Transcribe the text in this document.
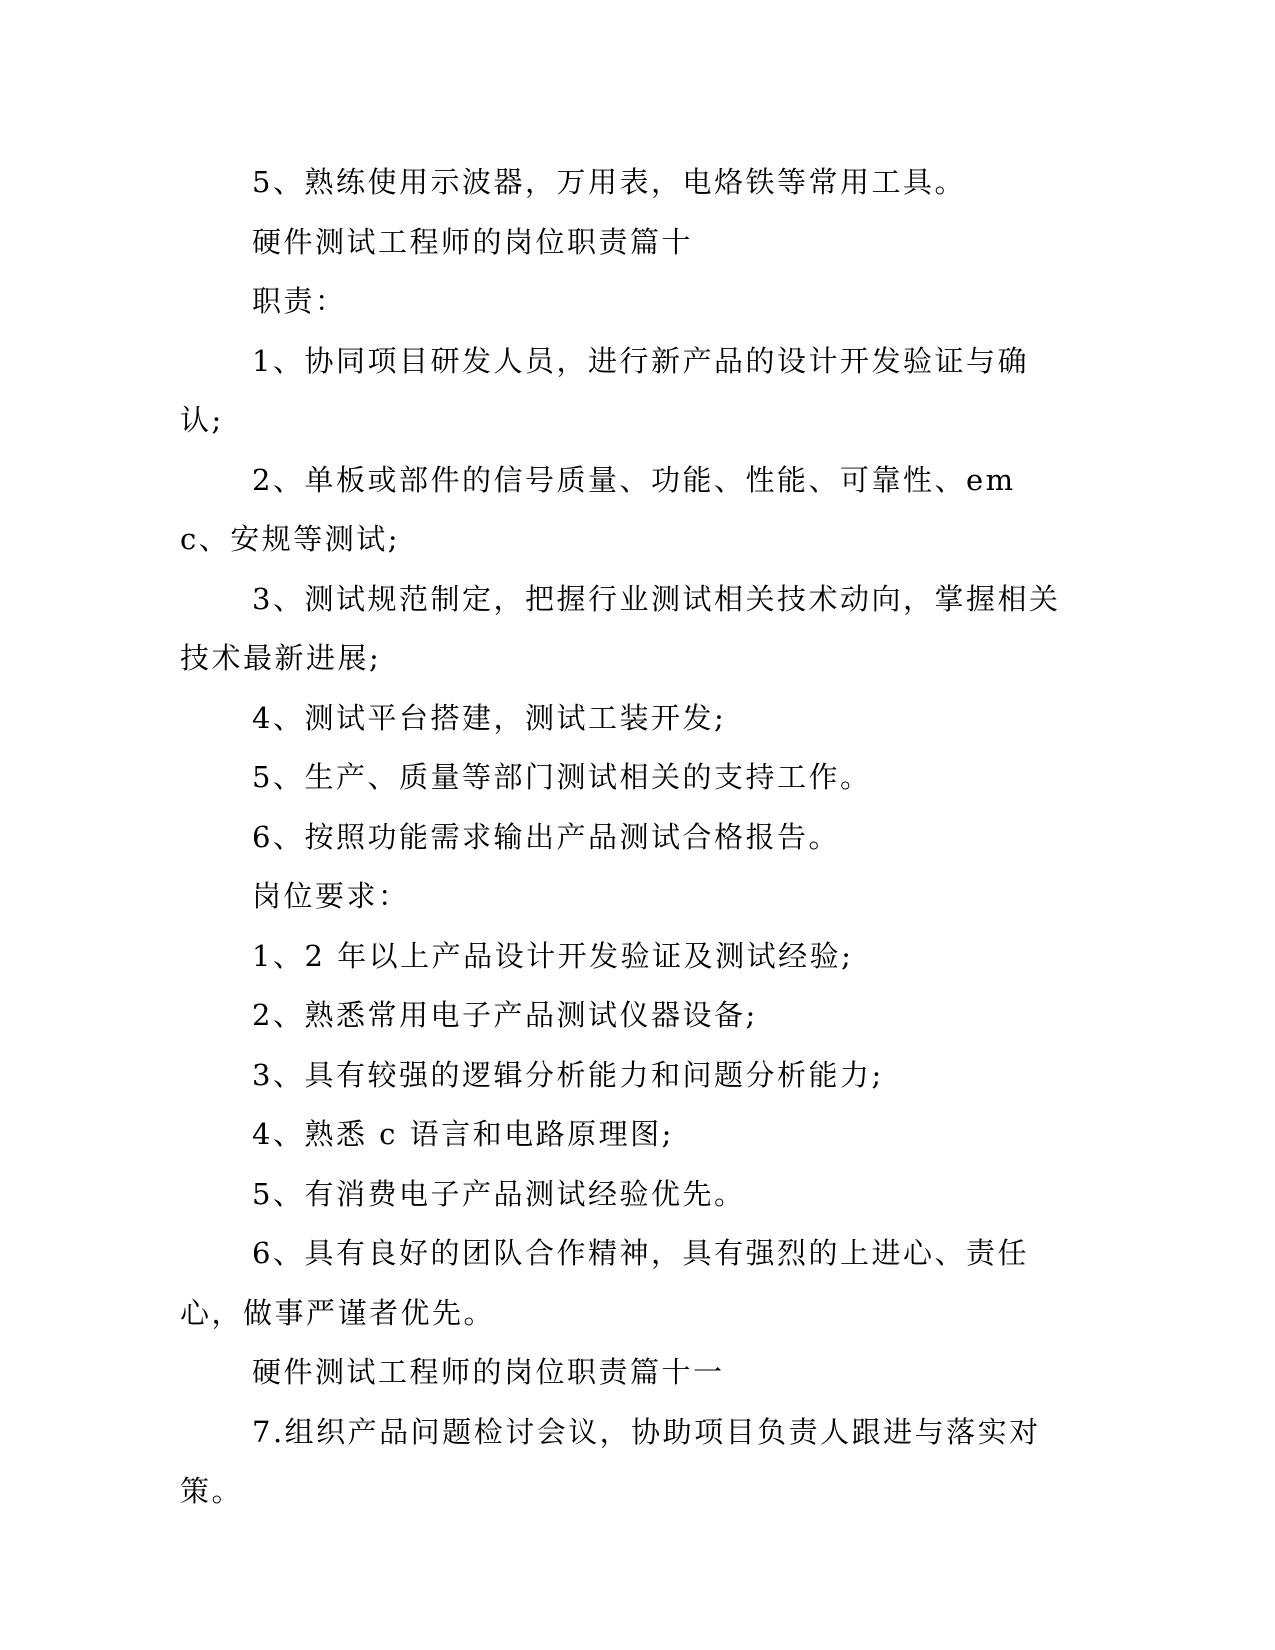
5、熟练使用示波器，万用表，电烙铁等常用工具。

硬件测试工程师的岗位职责篇十

职责：

1、协同项目研发人员，进行新产品的设计开发验证与确认;

2、单板或部件的信号质量、功能、性能、可靠性、emc、安规等测试;

3、测试规范制定，把握行业测试相关技术动向，掌握相关技术最新进展;

4、测试平台搭建，测试工装开发;

5、生产、质量等部门测试相关的支持工作。

6、按照功能需求输出产品测试合格报告。

岗位要求：

1、2 年以上产品设计开发验证及测试经验;

2、熟悉常用电子产品测试仪器设备;

3、具有较强的逻辑分析能力和问题分析能力;

4、熟悉 c 语言和电路原理图;

5、有消费电子产品测试经验优先。

6、具有良好的团队合作精神，具有强烈的上进心、责任心，做事严谨者优先。

硬件测试工程师的岗位职责篇十一

7.组织产品问题检讨会议，协助项目负责人跟进与落实对策。
